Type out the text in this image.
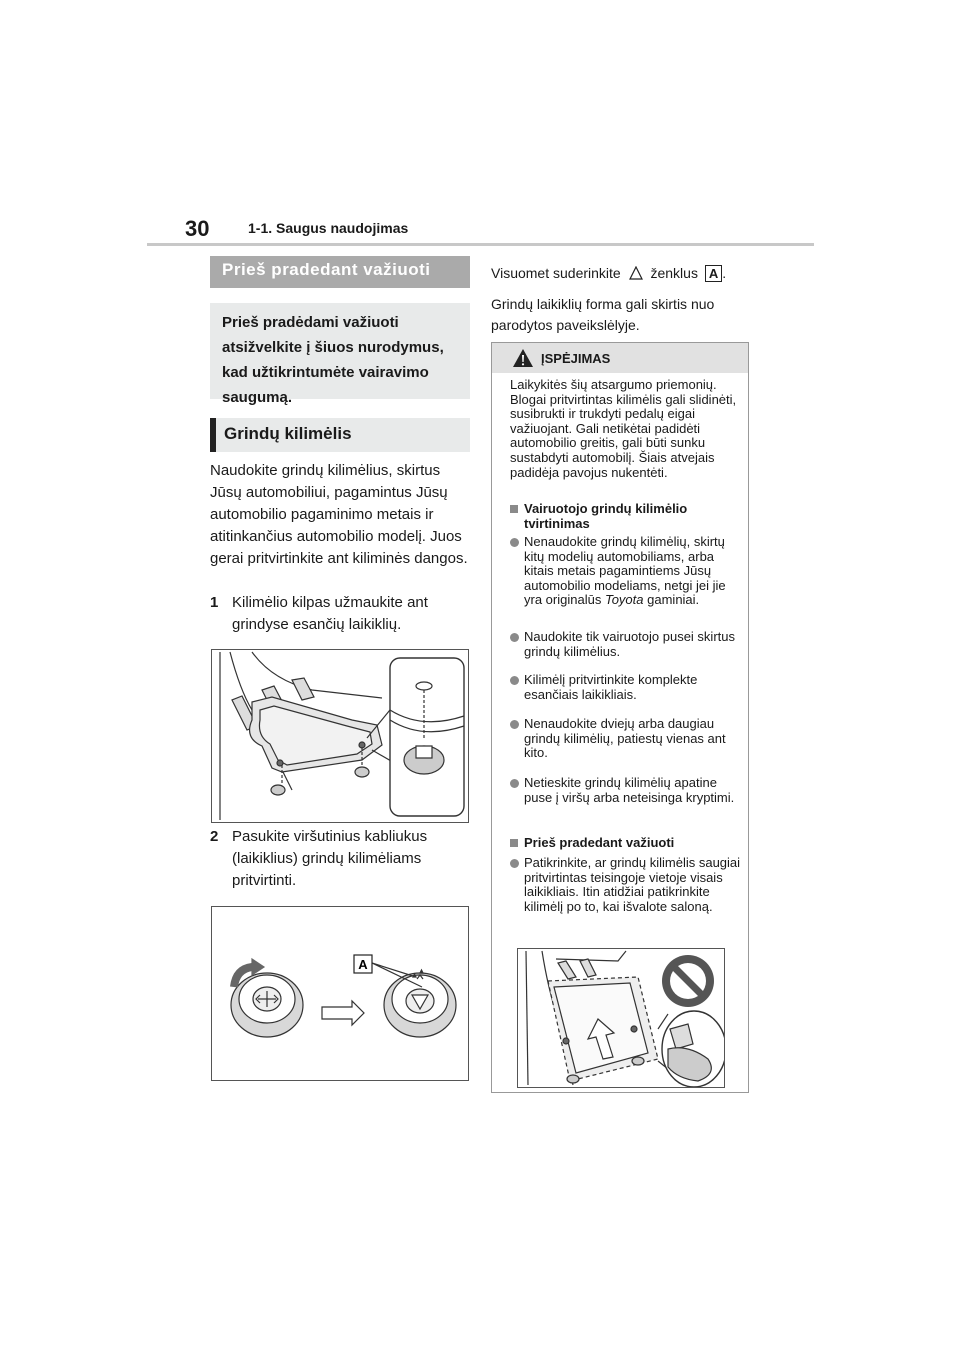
30	1-1. Saugus naudojimas
Prieš pradedant važiuoti
Prieš pradėdami važiuoti atsižvelkite į šiuos nurodymus, kad užtikrintumėte vairavimo saugumą.
Grindų kilimėlis
Naudokite grindų kilimėlius, skirtus Jūsų automobiliui, pagamintus Jūsų automobilio pagaminimo metais ir atitinkančius automobilio modelį. Juos gerai pritvirtinkite ant kiliminės dangos.
1 Kilimėlio kilpas užmaukite ant grindyse esančių laikiklių.
2 Pasukite viršutinius kabliukus (laikiklius) grindų kilimėliams pritvirtinti.
A
Visuomet suderinkite ženklus A .
Grindų laikiklių forma gali skirtis nuo parodytos paveikslėlyje.
ĮSPĖJIMAS
Laikykitės šių atsargumo priemonių. Blogai pritvirtintas kilimėlis gali slidinėti, susibrukti ir trukdyti pedalų eigai važiuojant. Gali netikėtai padidėti automobilio greitis, gali būti sunku sustabdyti automobilį. Šiais atvejais padidėja pavojus nukentėti.
Vairuotojo grindų kilimėlio tvirtinimas
Nenaudokite grindų kilimėlių, skirtų kitų modelių automobiliams, arba kitais metais pagamintiems Jūsų automobilio modeliams, netgi jei jie yra originalūs Toyota gaminiai.
Naudokite tik vairuotojo pusei skirtus grindų kilimėlius.
Kilimėlį pritvirtinkite komplekte esančiais laikikliais.
Nenaudokite dviejų arba daugiau grindų kilimėlių, patiestų vienas ant kito.
Netieskite grindų kilimėlių apatine puse į viršų arba neteisinga kryptimi.
Prieš pradedant važiuoti
Patikrinkite, ar grindų kilimėlis saugiai pritvirtintas teisingoje vietoje visais laikikliais. Itin atidžiai patikrinkite kilimėlį po to, kai išvalote saloną.
